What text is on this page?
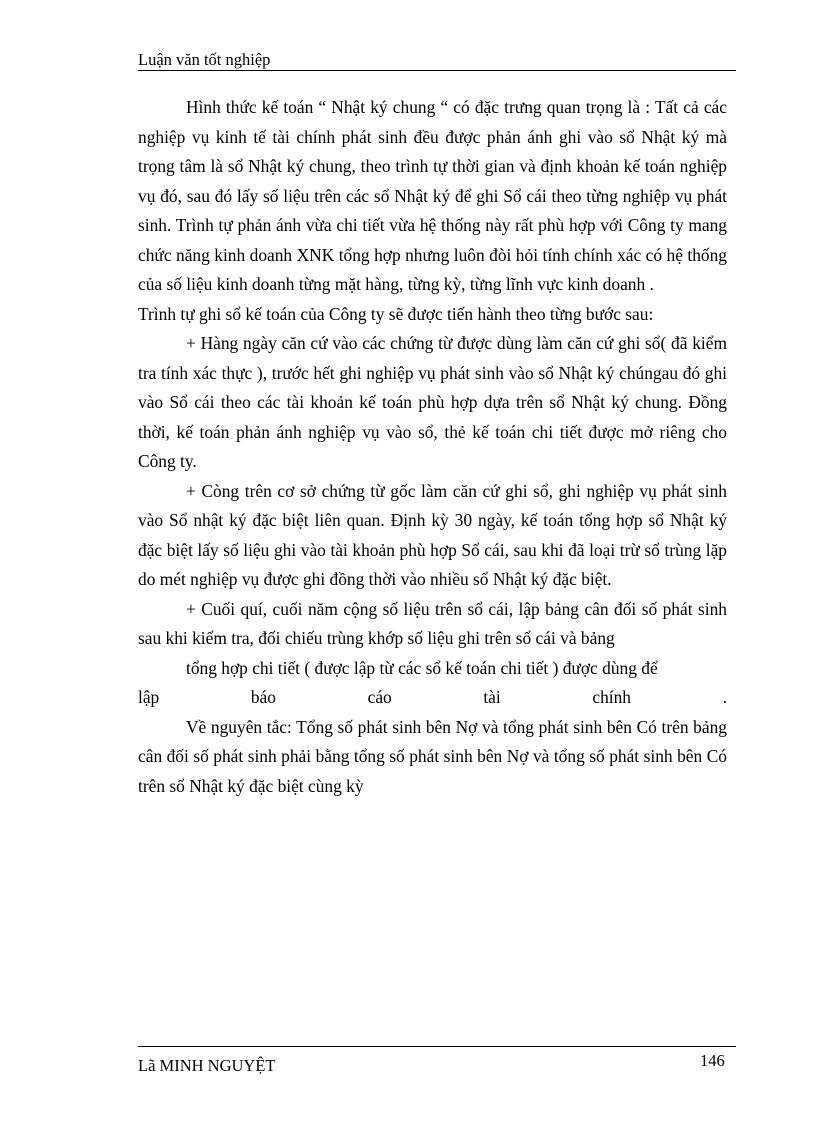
Luận văn tốt nghiệp

Hình thức kế toán “ Nhật ký chung “ có đặc trưng quan trọng là : Tất cả các nghiệp vụ kinh tế tài chính phát sinh đều được phản ánh ghi vào sổ Nhật ký mà trọng tâm là sổ Nhật ký chung, theo trình tự thời gian và định khoản kế toán nghiệp vụ đó, sau đó lấy số liệu trên các sổ Nhật ký để ghi Sổ cái theo từng nghiệp vụ phát sinh. Trình tự phản ánh vừa chi tiết vừa hệ thống này rất phù hợp với Công ty mang chức năng kinh doanh XNK tổng hợp nhưng luôn đòi hỏi tính chính xác có hệ thống của số liệu kinh doanh từng mặt hàng, từng kỳ, từng lĩnh vực kinh doanh .

Trình tự ghi sổ kế toán của Công ty sẽ được tiến hành theo từng bước sau:

+ Hàng ngày căn cứ vào các chứng từ được dùng làm căn cứ ghi sổ( đã kiểm tra tính xác thực ), trước hết ghi nghiệp vụ phát sinh vào sổ Nhật ký chúngau đó ghi vào Sổ cái theo các tài khoản kế toán phù hợp dựa trên sổ Nhật ký chung. Đồng thời, kế toán phản ánh nghiệp vụ vào sổ, thẻ kế toán chi tiết được mở riêng cho Công ty.

+ Còng trên cơ sở chứng từ gốc làm căn cứ ghi sổ, ghi nghiệp vụ phát sinh vào Sổ nhật ký đặc biệt liên quan. Định kỳ 30 ngày, kế toán tổng hợp sổ Nhật ký đặc biệt lấy số liệu ghi vào tài khoản phù hợp Sổ cái, sau khi đã loại trừ sổ trùng lặp do mét nghiệp vụ được ghi đồng thời vào nhiều sổ Nhật ký đặc biệt.

+ Cuối quí, cuối năm cộng số liệu trên sổ cái, lập bảng cân đối số phát sinh sau khi kiểm tra, đối chiếu trùng khớp số liệu ghi trên sổ cái và bảng

tổng hợp chi tiết ( được lập từ các sổ kế toán chi tiết ) được dùng để

lập	báo	cáo	tài	chính	.

Về nguyên tắc: Tổng số phát sinh bên Nợ và tổng phát sinh bên Có trên bảng cân đối số phát sinh phải bằng tổng số phát sinh bên Nợ và tổng số phát sinh bên Có trên sổ Nhật ký đặc biệt cùng kỳ

Lã MINH NGUYỆT	146
